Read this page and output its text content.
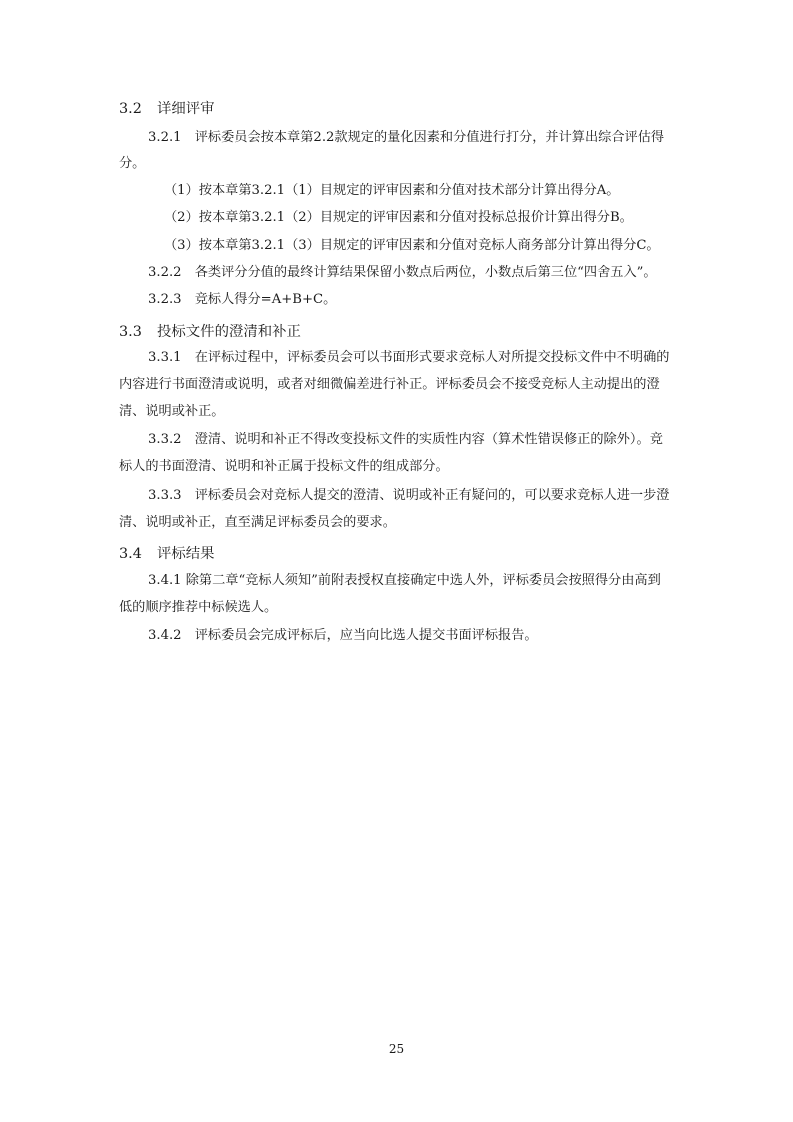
3.2 详细评审
3.2.1　评标委员会按本章第2.2款规定的量化因素和分值进行打分，并计算出综合评估得
分。
（1）按本章第3.2.1（1）目规定的评审因素和分值对技术部分计算出得分A。
（2）按本章第3.2.1（2）目规定的评审因素和分值对投标总报价计算出得分B。
（3）按本章第3.2.1（3）目规定的评审因素和分值对竞标人商务部分计算出得分C。
3.2.2　各类评分分值的最终计算结果保留小数点后两位，小数点后第三位“四舍五入”。
3.2.3　竞标人得分=A+B+C。
3.3 投标文件的澄清和补正
3.3.1　在评标过程中，评标委员会可以书面形式要求竞标人对所提交投标文件中不明确的
内容进行书面澄清或说明，或者对细微偏差进行补正。评标委员会不接受竞标人主动提出的澄
清、说明或补正。
3.3.2　澄清、说明和补正不得改变投标文件的实质性内容（算术性错误修正的除外）。竞
标人的书面澄清、说明和补正属于投标文件的组成部分。
3.3.3　评标委员会对竞标人提交的澄清、说明或补正有疑问的，可以要求竞标人进一步澄
清、说明或补正，直至满足评标委员会的要求。
3.4 评标结果
3.4.1 除第二章“竞标人须知”前附表授权直接确定中选人外，评标委员会按照得分由高到
低的顺序推荐中标候选人。
3.4.2　评标委员会完成评标后，应当向比选人提交书面评标报告。
25
